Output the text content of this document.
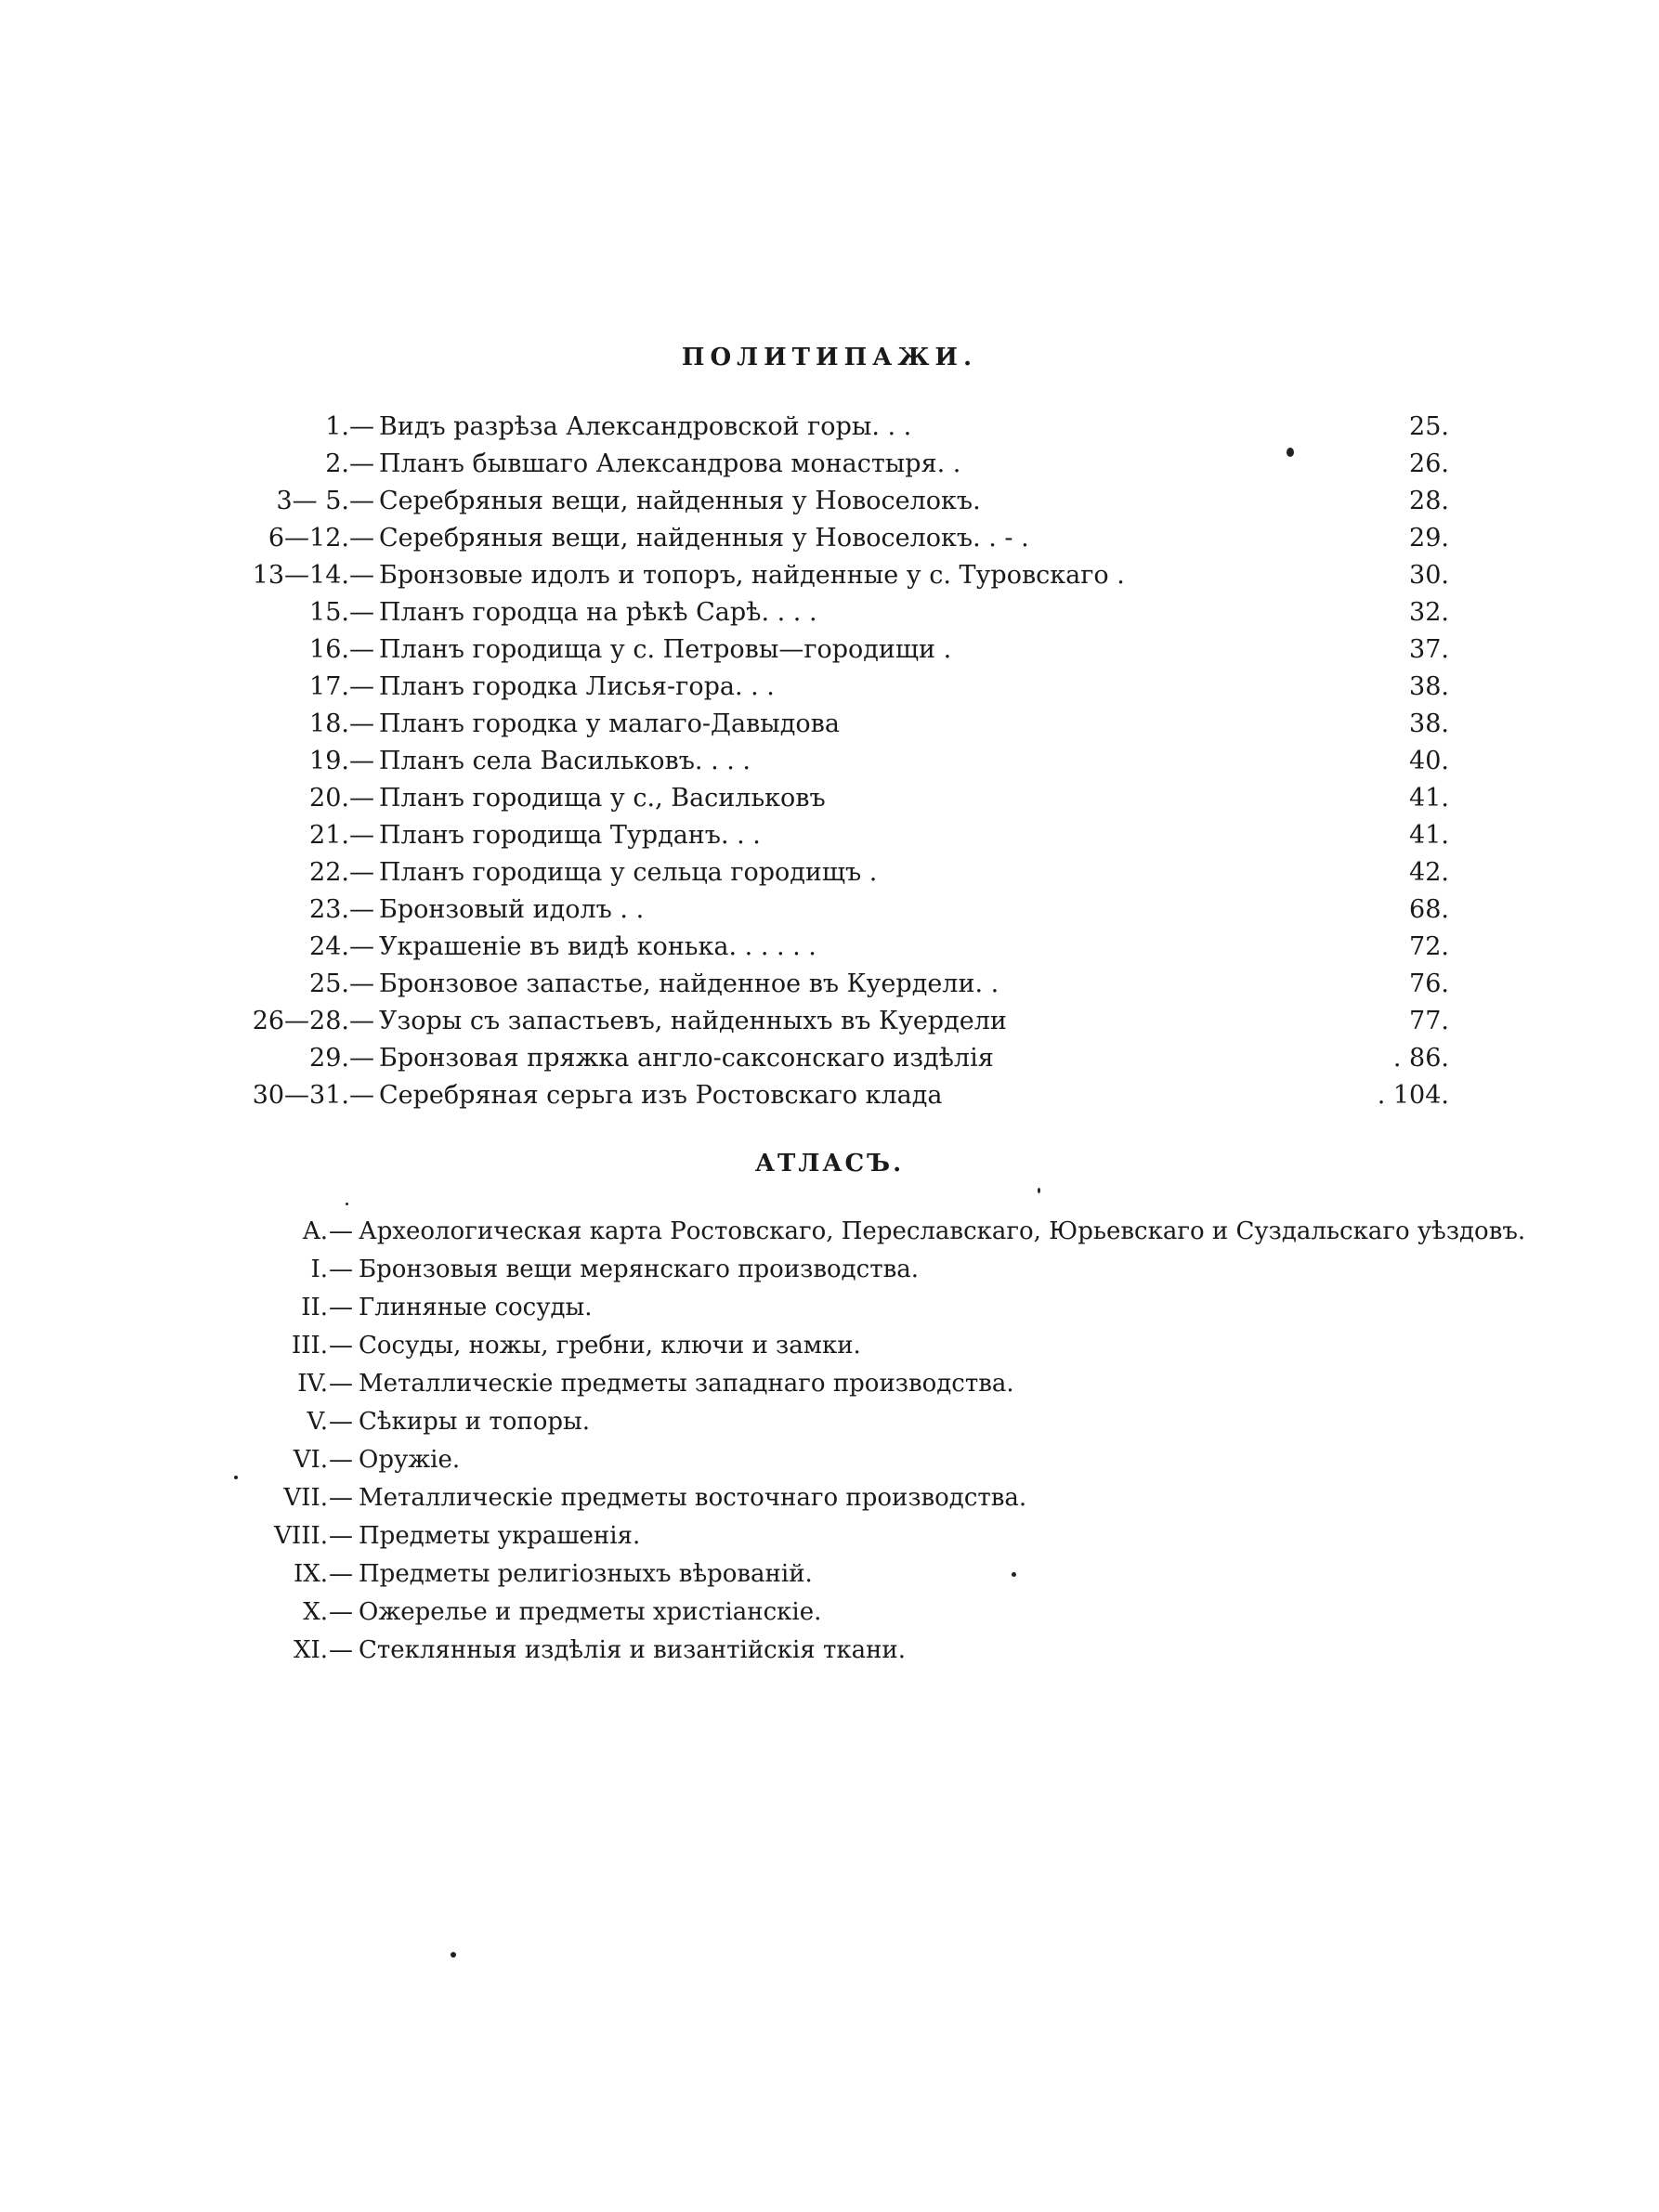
ПОЛИТИПАЖИ.
1. — Видъ разрѣза Александровской горы. . .	25.
2. — Планъ бывшаго Александрова монастыря. .	26.
3— 5. — Серебряныя вещи, найденныя у Новоселокъ.	28.
6—12. — Серебряныя вещи, найденныя у Новоселокъ. . - .	29.
13—14. — Бронзовые идолъ и топоръ, найденные у с. Туровскаго .	30.
15. — Планъ городца на рѣкѣ Сарѣ. . . .	32.
16. — Планъ городища у с. Петровы—городищи .	37.
17. — Планъ городка Лисья-гора. . .	38.
18. — Планъ городка у малаго-Давыдова	38.
19. — Планъ села Васильковъ. . . .	40.
20. — Планъ городища у с., Васильковъ	41.
21. — Планъ городища Турданъ. . .	41.
22. — Планъ городища у сельца городищъ .	42.
23. — Бронзовый идолъ . .	68.
24. — Украшеніе въ видѣ конька. . . . . .	72.
25. — Бронзовое запастье, найденное въ Куердели. .	76.
26—28. — Узоры съ запастьевъ, найденныхъ въ Куердели	77.
29. — Бронзовая пряжка англо-саксонскаго издѣлія	. 86.
30—31. — Серебряная серьга изъ Ростовскаго клада	. 104.
АТЛАСЪ.
A. — Археологическая карта Ростовскаго, Переславскаго, Юрьевскаго и Суздальскаго уѣздовъ.
I. — Бронзовыя вещи мерянскаго производства.
II. — Глиняные сосуды.
III. — Сосуды, ножы, гребни, ключи и замки.
IV. — Металлическіе предметы западнаго производства.
V. — Сѣкиры и топоры.
VI. — Оружіе.
VII. — Металлическіе предметы восточнаго производства.
VIII. — Предметы украшенія.
IX. — Предметы религіозныхъ вѣрованій.
X. — Ожерелье и предметы христіанскіе.
XI. — Стеклянныя издѣлія и византійскія ткани.
